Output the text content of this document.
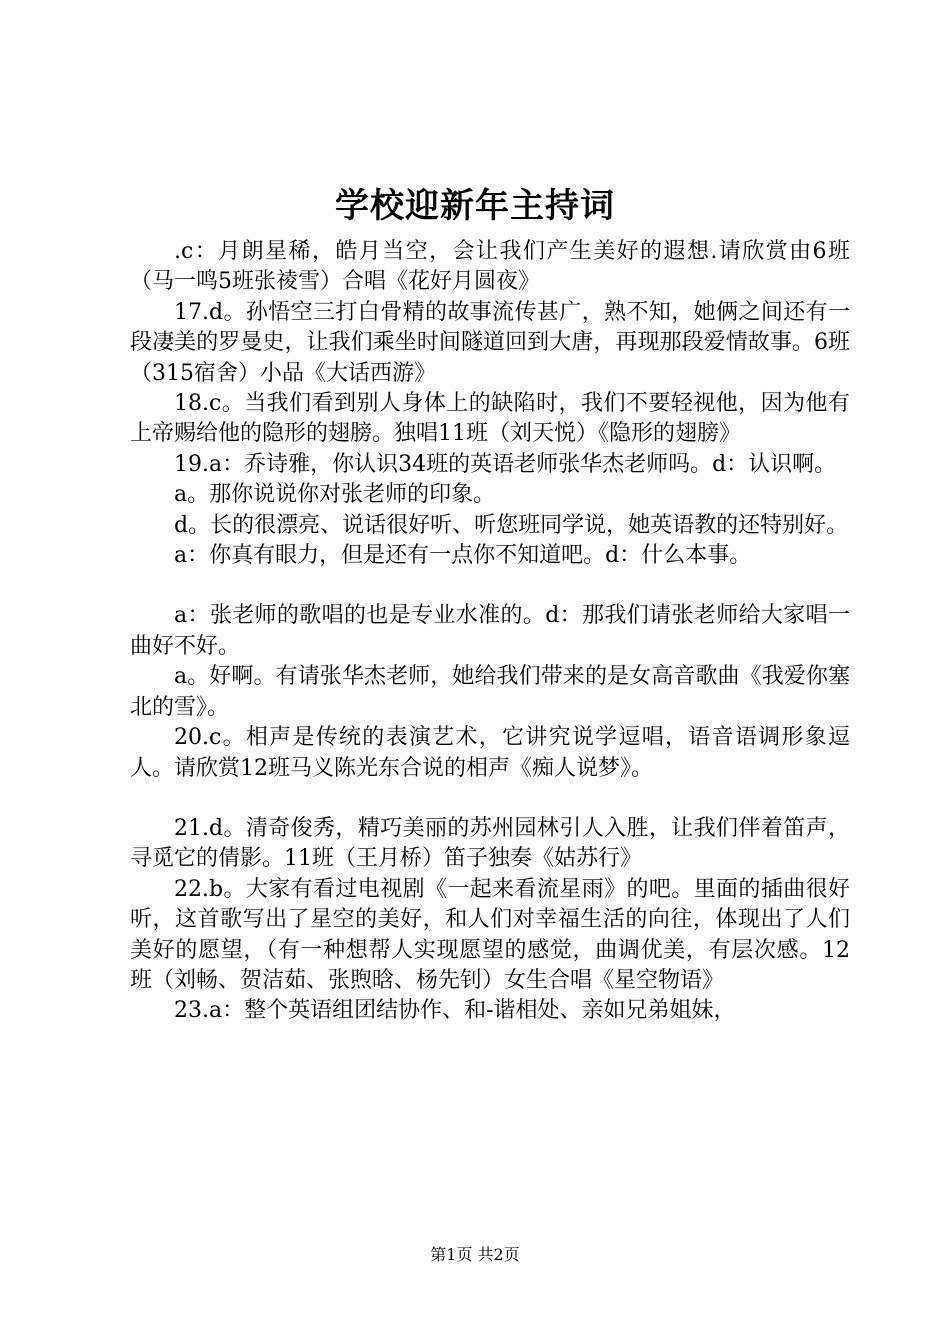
学校迎新年主持词

.c：月朗星稀，皓月当空，会让我们产生美好的遐想.请欣赏由6班（马一鸣5班张祾雪）合唱《花好月圆夜》

17.d。孙悟空三打白骨精的故事流传甚广，熟不知，她俩之间还有一段凄美的罗曼史，让我们乘坐时间隧道回到大唐，再现那段爱情故事。6班（315宿舍）小品《大话西游》

18.c。当我们看到别人身体上的缺陷时，我们不要轻视他，因为他有上帝赐给他的隐形的翅膀。独唱11班（刘天悦）《隐形的翅膀》

19.a：乔诗雅，你认识34班的英语老师张华杰老师吗。d：认识啊。

a。那你说说你对张老师的印象。

d。长的很漂亮、说话很好听、听您班同学说，她英语教的还特别好。

a：你真有眼力，但是还有一点你不知道吧。d：什么本事。

a：张老师的歌唱的也是专业水准的。d：那我们请张老师给大家唱一曲好不好。

a。好啊。有请张华杰老师，她给我们带来的是女高音歌曲《我爱你塞北的雪》。

20.c。相声是传统的表演艺术，它讲究说学逗唱，语音语调形象逗人。请欣赏12班马义陈光东合说的相声《痴人说梦》。

21.d。清奇俊秀，精巧美丽的苏州园林引人入胜，让我们伴着笛声，寻觅它的倩影。11班（王月桥）笛子独奏《姑苏行》

22.b。大家有看过电视剧《一起来看流星雨》的吧。里面的插曲很好听，这首歌写出了星空的美好，和人们对幸福生活的向往，体现出了人们美好的愿望，（有一种想帮人实现愿望的感觉，曲调优美，有层次感。12班（刘畅、贺洁茹、张煦晗、杨先钊）女生合唱《星空物语》

23.a：整个英语组团结协作、和-谐相处、亲如兄弟姐妹，

第1页 共2页
